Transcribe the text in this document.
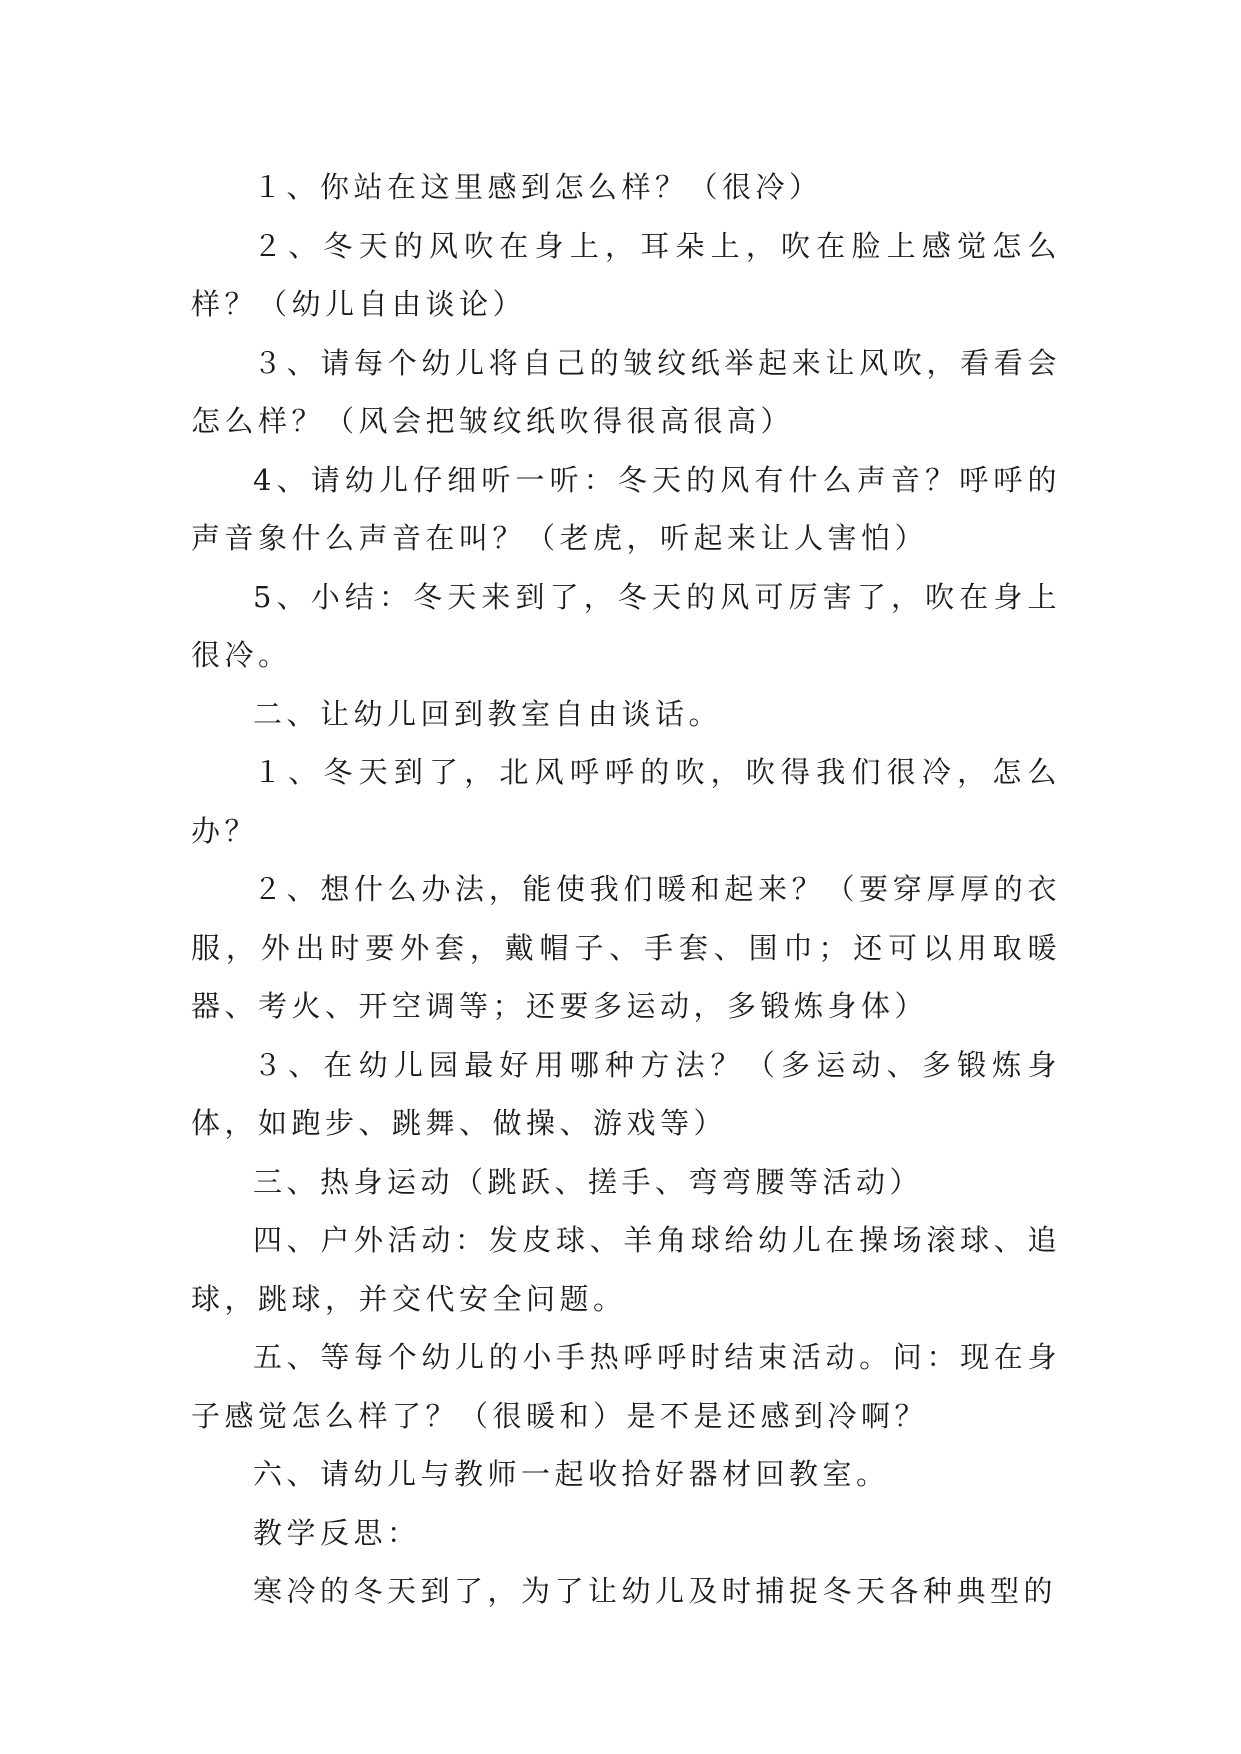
１、你站在这里感到怎么样？（很冷）

２、冬天的风吹在身上，耳朵上，吹在脸上感觉怎么样？（幼儿自由谈论）

３、请每个幼儿将自己的皱纹纸举起来让风吹，看看会怎么样？（风会把皱纹纸吹得很高很高）

4、请幼儿仔细听一听：冬天的风有什么声音？呼呼的声音象什么声音在叫？（老虎，听起来让人害怕）

5、小结：冬天来到了，冬天的风可厉害了，吹在身上很冷。

二、让幼儿回到教室自由谈话。

１、冬天到了，北风呼呼的吹，吹得我们很冷，怎么办？

２、想什么办法，能使我们暖和起来？（要穿厚厚的衣服，外出时要外套，戴帽子、手套、围巾；还可以用取暖器、考火、开空调等；还要多运动，多锻炼身体）

３、在幼儿园最好用哪种方法？（多运动、多锻炼身体，如跑步、跳舞、做操、游戏等）

三、热身运动（跳跃、搓手、弯弯腰等活动）

四、户外活动：发皮球、羊角球给幼儿在操场滚球、追球，跳球，并交代安全问题。

五、等每个幼儿的小手热呼呼时结束活动。问：现在身子感觉怎么样了？（很暖和）是不是还感到冷啊？

六、请幼儿与教师一起收拾好器材回教室。

教学反思：

寒冷的冬天到了，为了让幼儿及时捕捉冬天各种典型的
